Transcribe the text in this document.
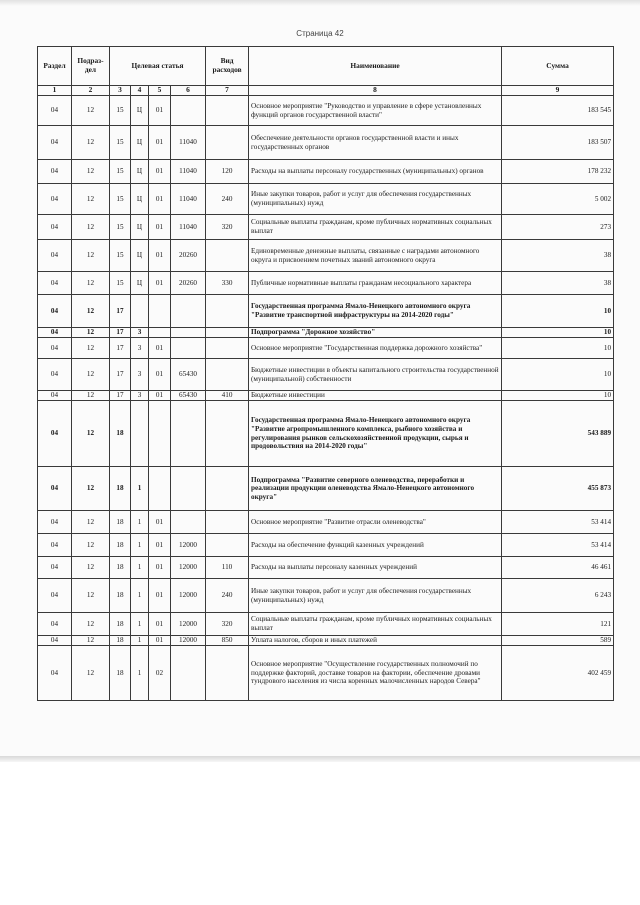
Страница 42
Раздел	Подраз-дел	Целевая статья				Вид расходов	Наименование	Сумма
1	2	3	4	5	6	7	8	9
04	12	15	Ц	01			Основное мероприятие "Руководство и управление в сфере установленных функций органов государственной власти"	183 545
04	12	15	Ц	01	11040		Обеспечение деятельности органов государственной власти и иных государственных органов	183 507
04	12	15	Ц	01	11040	120	Расходы на выплаты персоналу государственных (муниципальных) органов	178 232
04	12	15	Ц	01	11040	240	Иные закупки товаров, работ и услуг для обеспечения государственных (муниципальных) нужд	5 002
04	12	15	Ц	01	11040	320	Социальные выплаты гражданам, кроме публичных нормативных социальных выплат	273
04	12	15	Ц	01	20260		Единовременные денежные выплаты, связанные с наградами автономного округа и присвоением почетных званий автономного округа	38
04	12	15	Ц	01	20260	330	Публичные нормативные выплаты гражданам несоциального характера	38
04	12	17					Государственная программа Ямало-Ненецкого автономного округа "Развитие транспортной инфраструктуры на 2014-2020 годы"	10
04	12	17	3				Подпрограмма "Дорожное хозяйство"	10
04	12	17	3	01			Основное мероприятие "Государственная поддержка дорожного хозяйства"	10
04	12	17	3	01	65430		Бюджетные инвестиции в объекты капитального строительства государственной (муниципальной) собственности	10
04	12	17	3	01	65430	410	Бюджетные инвестиции	10
04	12	18					Государственная программа Ямало-Ненецкого автономного округа "Развитие агропромышленного комплекса, рыбного хозяйства и регулирования рынков сельскохозяйственной продукции, сырья и продовольствия на 2014-2020 годы"	543 889
04	12	18	1				Подпрограмма "Развитие северного оленеводства, переработки и реализации продукции оленеводства Ямало-Ненецкого автономного округа"	455 873
04	12	18	1	01			Основное мероприятие "Развитие отрасли оленеводства"	53 414
04	12	18	1	01	12000		Расходы на обеспечение функций казенных учреждений	53 414
04	12	18	1	01	12000	110	Расходы на выплаты персоналу казенных учреждений	46 461
04	12	18	1	01	12000	240	Иные закупки товаров, работ и услуг для обеспечения государственных (муниципальных) нужд	6 243
04	12	18	1	01	12000	320	Социальные выплаты гражданам, кроме публичных нормативных социальных выплат	121
04	12	18	1	01	12000	850	Уплата налогов, сборов и иных платежей	589
04	12	18	1	02			Основное мероприятие "Осуществление государственных полномочий по поддержке факторий, доставке товаров на фактории, обеспечение дровами тундрового населения из числа коренных малочисленных народов Севера"	402 459
